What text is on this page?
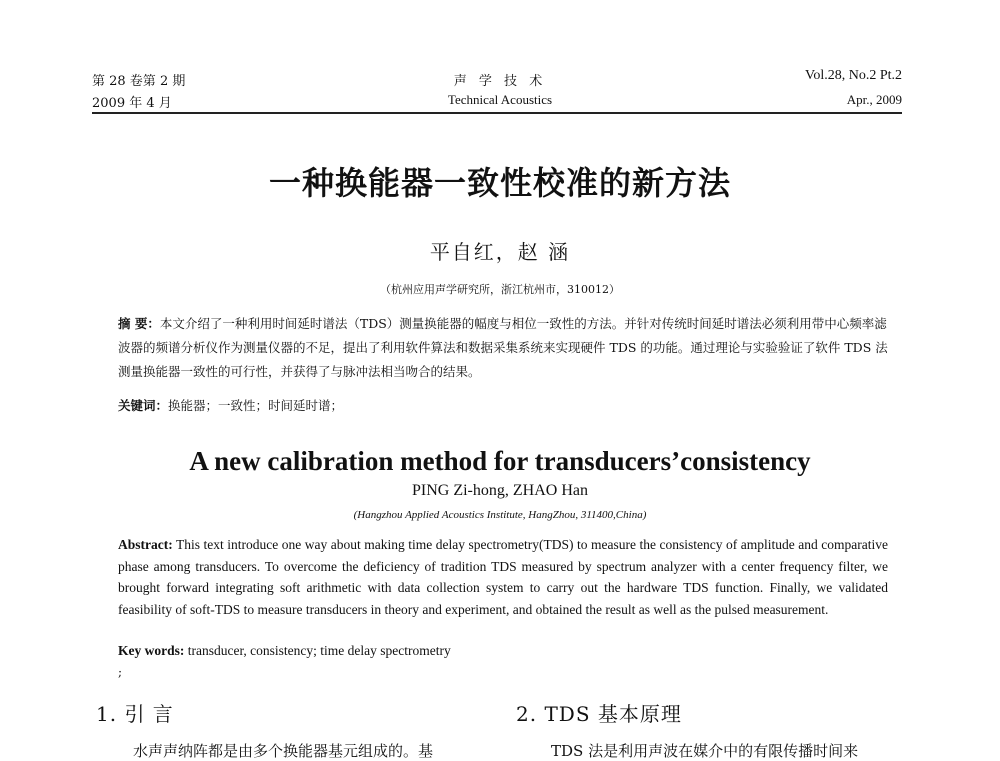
第 28 卷第 2 期
2009 年 4 月
声 学 技 术
Technical Acoustics
Vol.28, No.2 Pt.2
Apr., 2009
一种换能器一致性校准的新方法
平自红，赵 涵
（杭州应用声学研究所，浙江杭州市，310012）
摘 要：本文介绍了一种利用时间延时谱法（TDS）测量换能器的幅度与相位一致性的方法。并针对传统时间延时谱法必须利用带中心频率滤波器的频谱分析仪作为测量仪器的不足，提出了利用软件算法和数据采集系统来实现硬件 TDS 的功能。通过理论与实验验证了软件 TDS 法测量换能器一致性的可行性，并获得了与脉冲法相当吻合的结果。
关键词：换能器；一致性；时间延时谱；
A new calibration method for transducers’consistency
PING Zi-hong, ZHAO Han
(Hangzhou Applied Acoustics Institute, HangZhou, 311400,China)
Abstract: This text introduce one way about making time delay spectrometry(TDS) to measure the consistency of amplitude and comparative phase among transducers. To overcome the deficiency of tradition TDS measured by spectrum analyzer with a center frequency filter, we brought forward integrating soft arithmetic with data collection system to carry out the hardware TDS function. Finally, we validated feasibility of soft-TDS to measure transducers in theory and experiment, and obtained the result as well as the pulsed measurement.
Key words: transducer, consistency; time delay spectrometry
;
1. 引 言	2. TDS 基本原理
水声声纳阵都是由多个换能器基元组成的。基	TDS 法是利用声波在媒介中的有限传播时间来
